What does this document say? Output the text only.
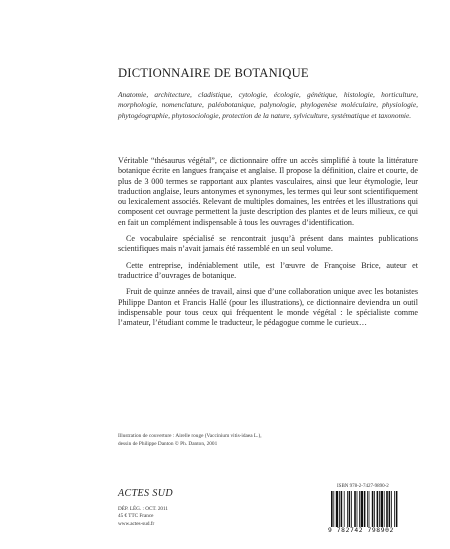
DICTIONNAIRE DE BOTANIQUE

Anatomie, architecture, cladistique, cytologie, écologie, génétique, histologie, horticulture, morphologie, nomenclature, paléobotanique, palynologie, phylogenèse moléculaire, physiologie, phytogéographie, phytosociologie, protection de la nature, sylviculture, systématique et taxonomie.

Véritable “thésaurus végétal”, ce dictionnaire offre un accès simplifié à toute la littérature botanique écrite en langues française et anglaise. Il propose la définition, claire et courte, de plus de 3 000 termes se rapportant aux plantes vasculaires, ainsi que leur étymologie, leur traduction anglaise, leurs antonymes et synonymes, les termes qui leur sont scientifiquement ou lexicalement associés. Relevant de multiples domaines, les entrées et les illustrations qui composent cet ouvrage permettent la juste description des plantes et de leurs milieux, ce qui en fait un complément indispensable à tous les ouvrages d’identification.

Ce vocabulaire spécialisé se rencontrait jusqu’à présent dans maintes publications scientifiques mais n’avait jamais été rassemblé en un seul volume.

Cette entreprise, indéniablement utile, est l’œuvre de Françoise Brice, auteur et traductrice d’ouvrages de botanique.

Fruit de quinze années de travail, ainsi que d’une collaboration unique avec les botanistes Philippe Danton et Francis Hallé (pour les illustrations), ce dictionnaire deviendra un outil indispensable pour tous ceux qui fréquentent le monde végétal : le spécialiste comme l’amateur, l’étudiant comme le traducteur, le pédagogue comme le curieux…

Illustration de couverture : Airelle rouge (Vaccinium vitis-idaea L.),
dessin de Philippe Danton © Ph. Danton, 2001
ACTES SUD
DÉP. LÉG. : OCT. 2011
45 € TTC France
www.actes-sud.fr
ISBN 978-2-7427-9890-2
9 782742 798902
